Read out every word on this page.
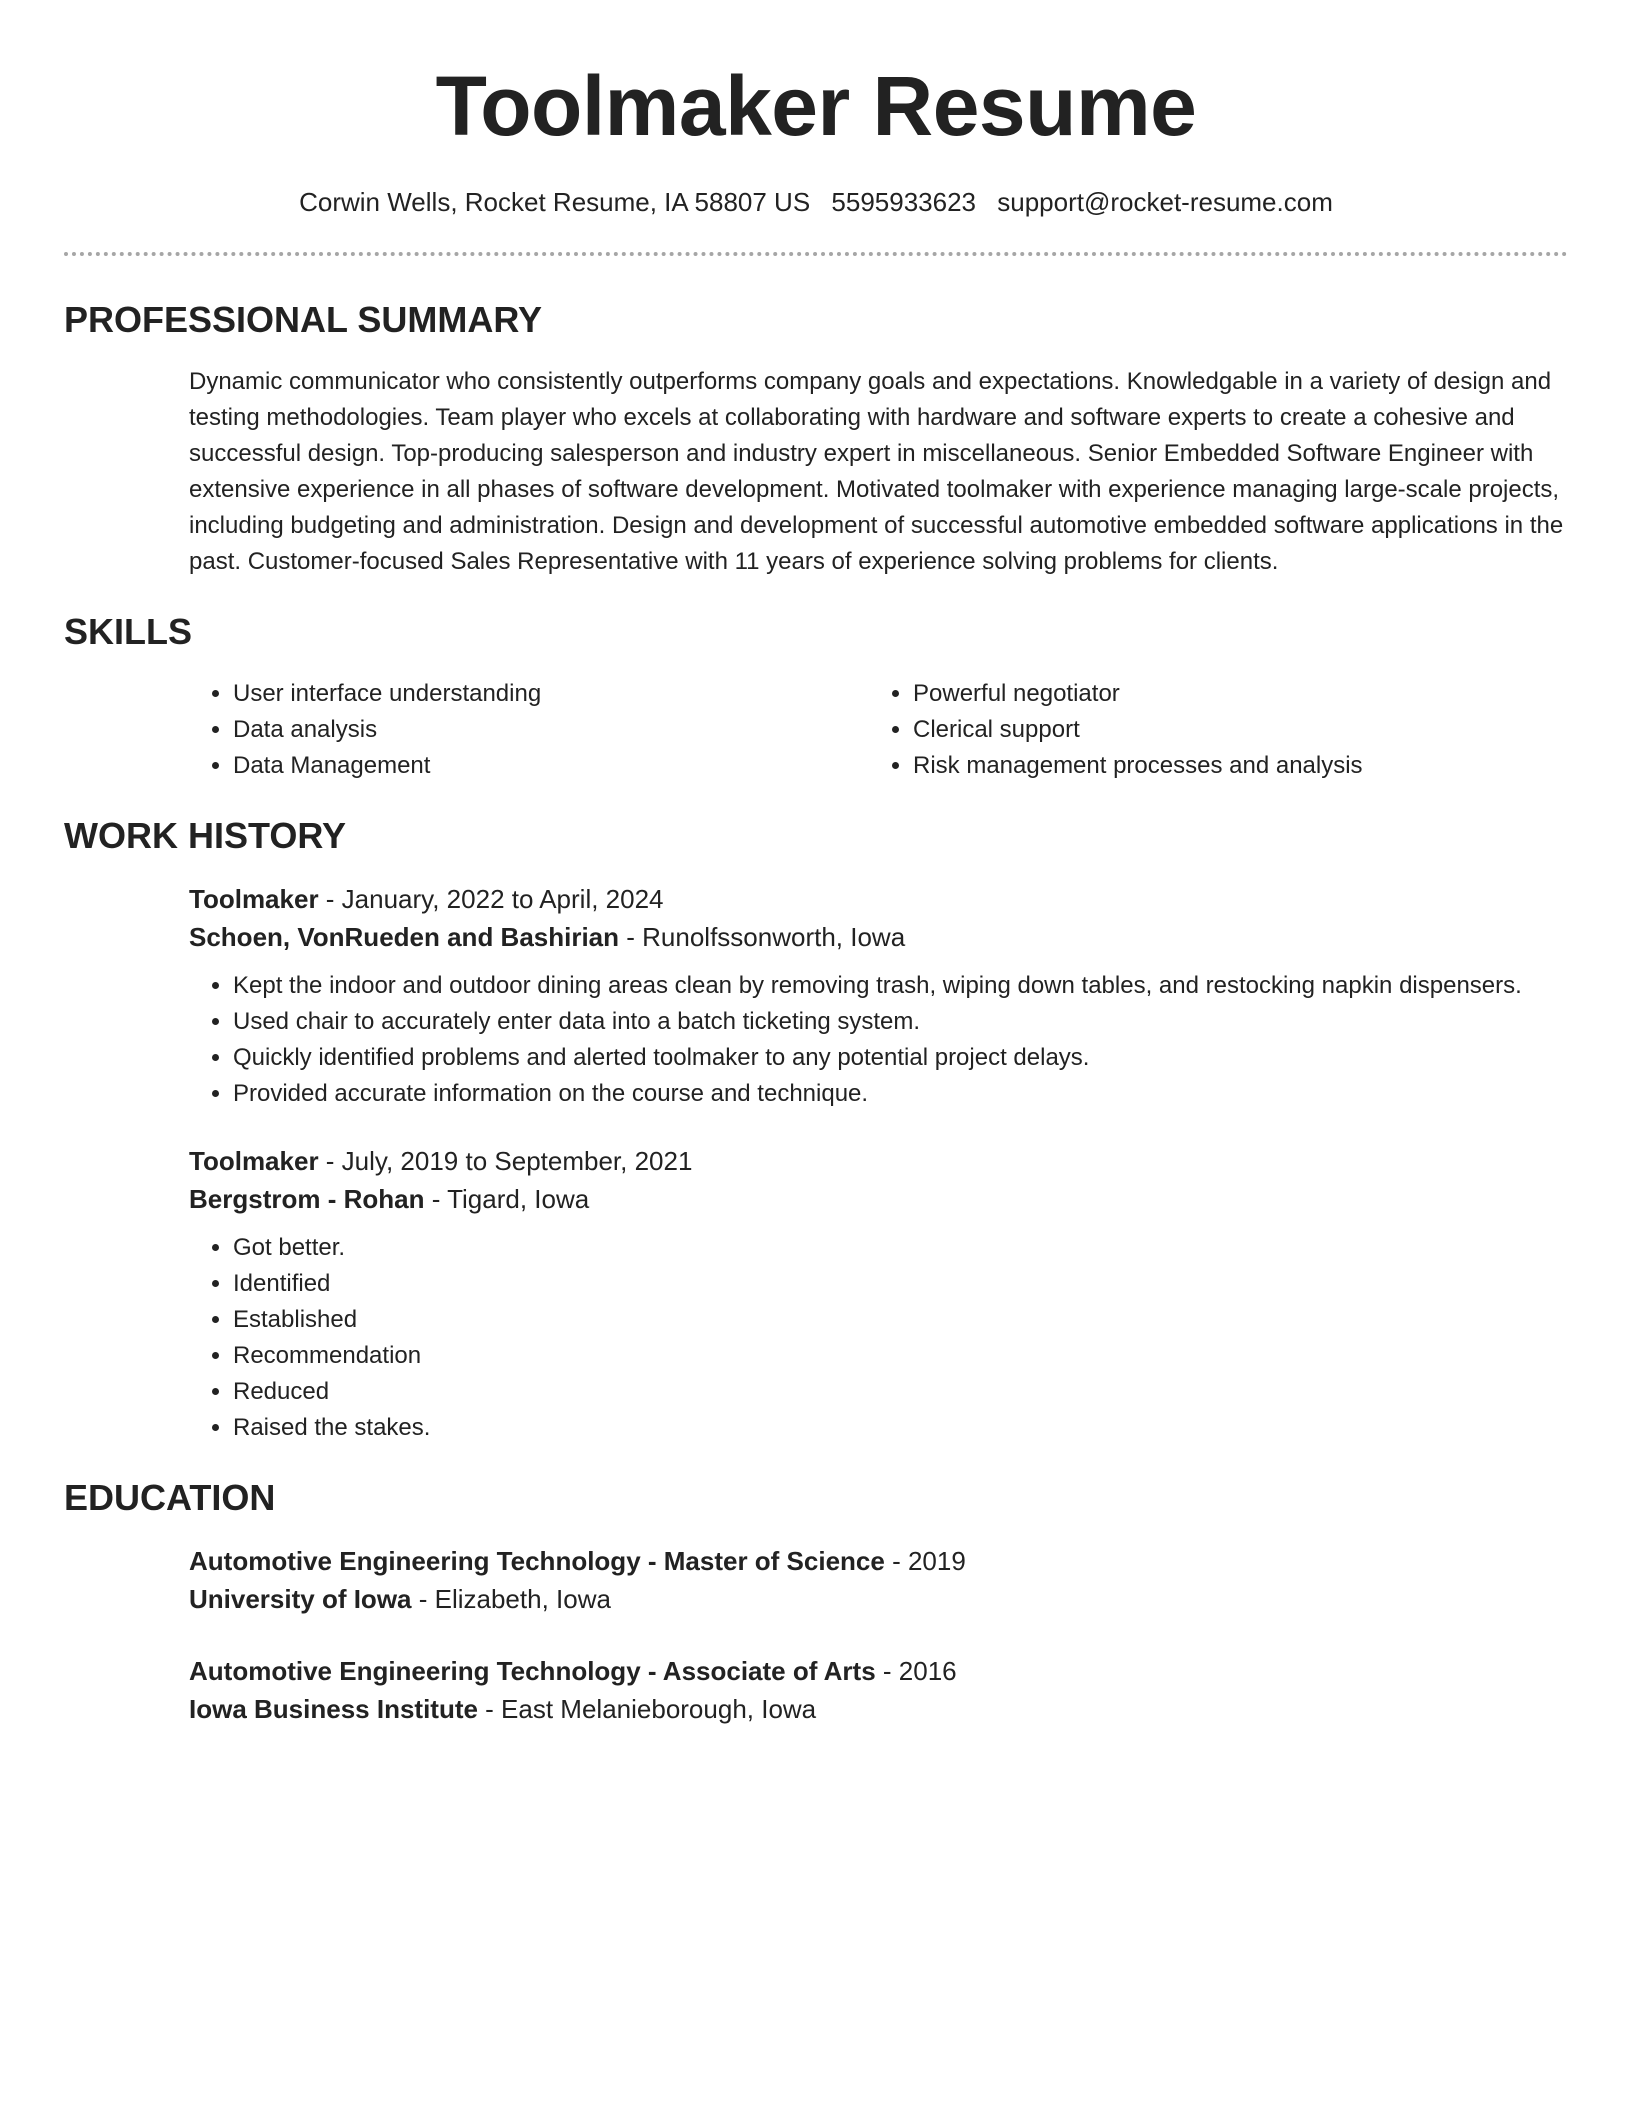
Toolmaker Resume
Corwin Wells, Rocket Resume, IA 58807 US 5595933623 support@rocket-resume.com
PROFESSIONAL SUMMARY
Dynamic communicator who consistently outperforms company goals and expectations. Knowledgable in a variety of design and testing methodologies. Team player who excels at collaborating with hardware and software experts to create a cohesive and successful design. Top-producing salesperson and industry expert in miscellaneous. Senior Embedded Software Engineer with extensive experience in all phases of software development. Motivated toolmaker with experience managing large-scale projects, including budgeting and administration. Design and development of successful automotive embedded software applications in the past. Customer-focused Sales Representative with 11 years of experience solving problems for clients.
SKILLS
• User interface understanding
• Data analysis
• Data Management
• Powerful negotiator
• Clerical support
• Risk management processes and analysis
WORK HISTORY
Toolmaker - January, 2022 to April, 2024
Schoen, VonRueden and Bashirian - Runolfssonworth, Iowa
• Kept the indoor and outdoor dining areas clean by removing trash, wiping down tables, and restocking napkin dispensers.
• Used chair to accurately enter data into a batch ticketing system.
• Quickly identified problems and alerted toolmaker to any potential project delays.
• Provided accurate information on the course and technique.
Toolmaker - July, 2019 to September, 2021
Bergstrom - Rohan - Tigard, Iowa
• Got better.
• Identified
• Established
• Recommendation
• Reduced
• Raised the stakes.
EDUCATION
Automotive Engineering Technology - Master of Science - 2019
University of Iowa - Elizabeth, Iowa
Automotive Engineering Technology - Associate of Arts - 2016
Iowa Business Institute - East Melanieborough, Iowa
